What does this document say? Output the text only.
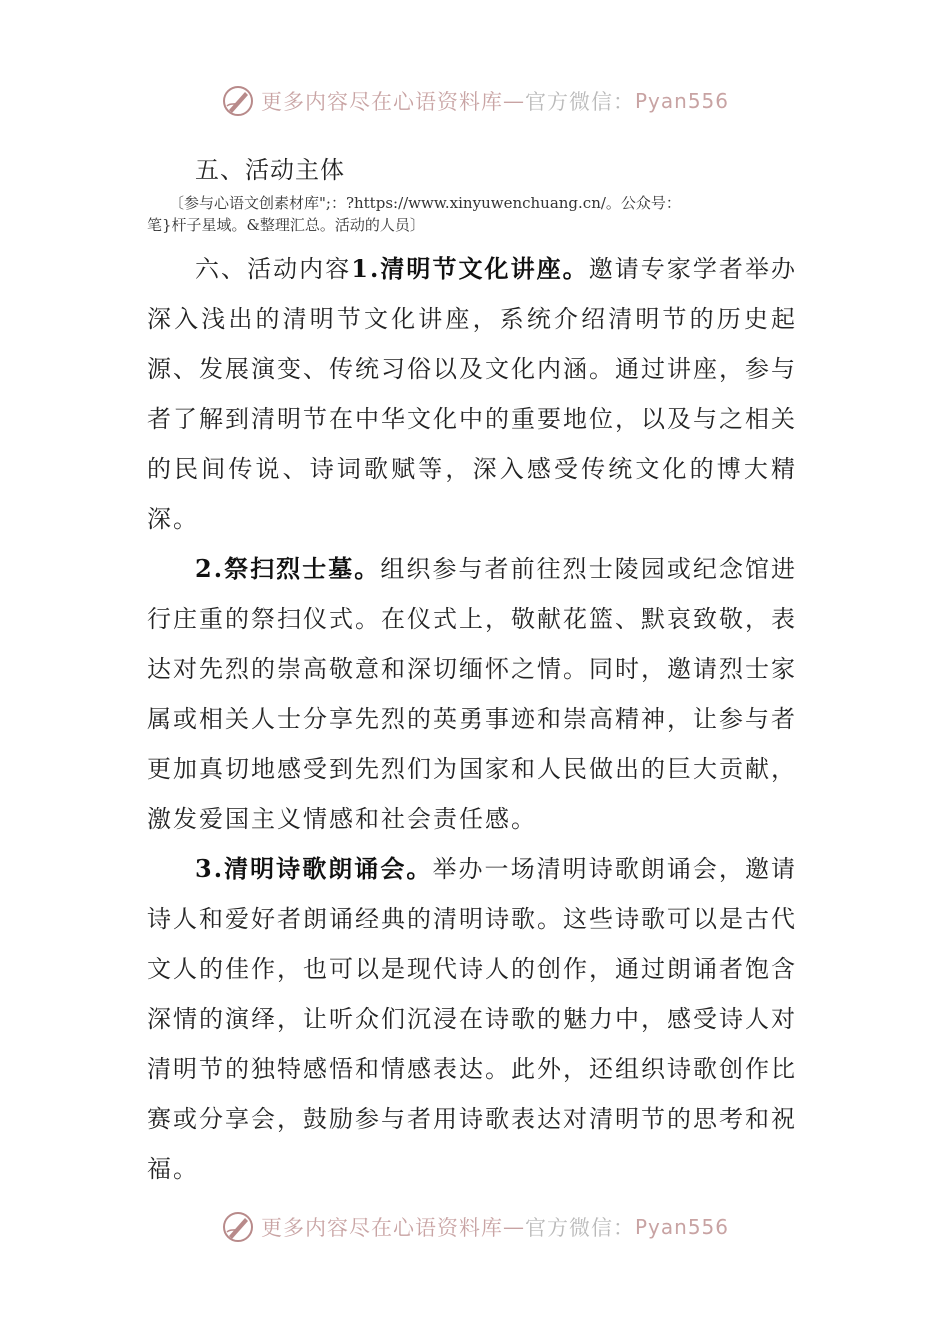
更多内容尽在心语资料库 — 官方微信： Pyan556
五、活动主体
〔参与心语文创素材库";：?https://www.xinyuwenchuang.cn/。公众号：
笔}杆子星域。&整理汇总。活动的人员〕

六、活动内容1.清明节文化讲座。邀请专家学者举办深入浅出的清明节文化讲座，系统介绍清明节的历史起源、发展演变、传统习俗以及文化内涵。通过讲座，参与者了解到清明节在中华文化中的重要地位，以及与之相关的民间传说、诗词歌赋等，深入感受传统文化的博大精深。

2.祭扫烈士墓。组织参与者前往烈士陵园或纪念馆进行庄重的祭扫仪式。在仪式上，敬献花篮、默哀致敬，表达对先烈的崇高敬意和深切缅怀之情。同时，邀请烈士家属或相关人士分享先烈的英勇事迹和崇高精神，让参与者更加真切地感受到先烈们为国家和人民做出的巨大贡献，激发爱国主义情感和社会责任感。

3.清明诗歌朗诵会。举办一场清明诗歌朗诵会，邀请诗人和爱好者朗诵经典的清明诗歌。这些诗歌可以是古代文人的佳作，也可以是现代诗人的创作，通过朗诵者饱含深情的演绎，让听众们沉浸在诗歌的魅力中，感受诗人对清明节的独特感悟和情感表达。此外，还组织诗歌创作比赛或分享会，鼓励参与者用诗歌表达对清明节的思考和祝福。

更多内容尽在心语资料库 — 官方微信： Pyan556
